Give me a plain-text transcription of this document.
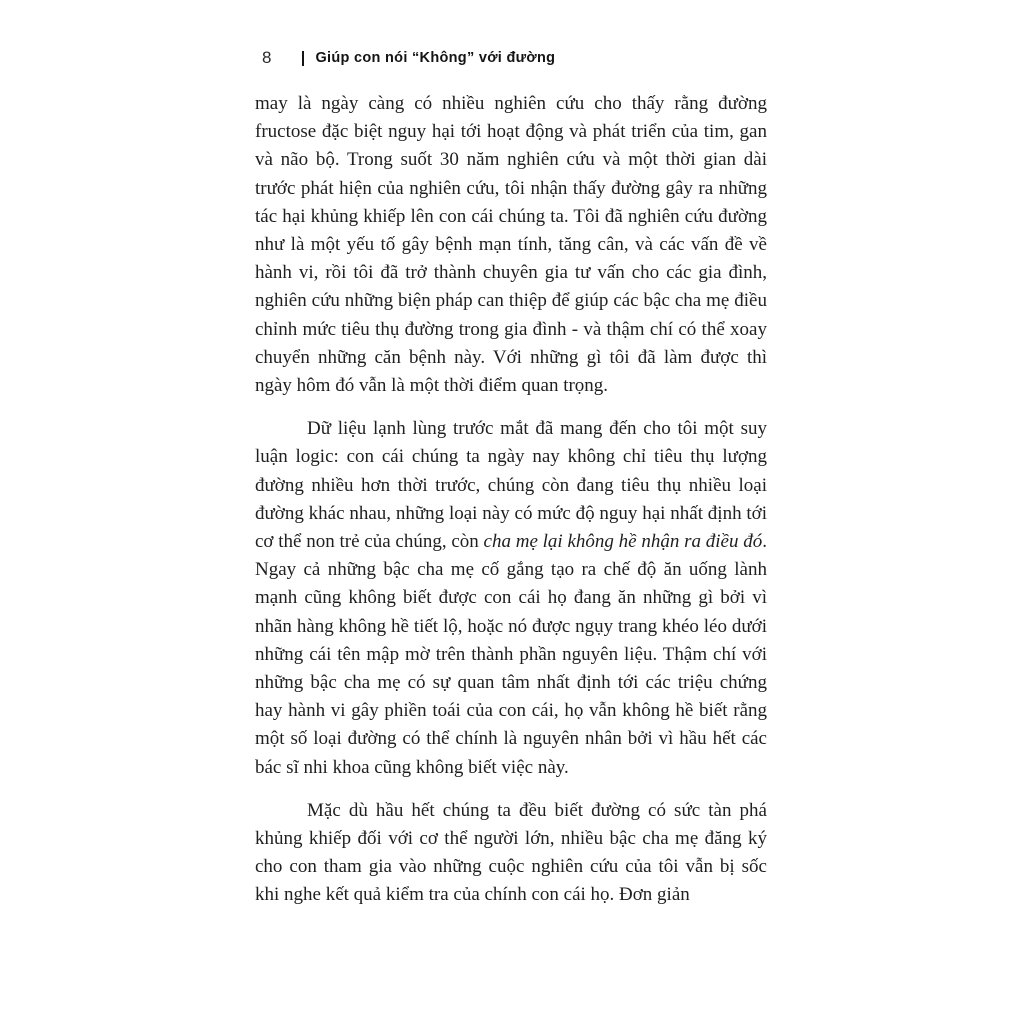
8	Giúp con nói “Không” với đường

may là ngày càng có nhiều nghiên cứu cho thấy rằng đường fructose đặc biệt nguy hại tới hoạt động và phát triển của tim, gan và não bộ. Trong suốt 30 năm nghiên cứu và một thời gian dài trước phát hiện của nghiên cứu, tôi nhận thấy đường gây ra những tác hại khủng khiếp lên con cái chúng ta. Tôi đã nghiên cứu đường như là một yếu tố gây bệnh mạn tính, tăng cân, và các vấn đề về hành vi, rồi tôi đã trở thành chuyên gia tư vấn cho các gia đình, nghiên cứu những biện pháp can thiệp để giúp các bậc cha mẹ điều chỉnh mức tiêu thụ đường trong gia đình - và thậm chí có thể xoay chuyển những căn bệnh này. Với những gì tôi đã làm được thì ngày hôm đó vẫn là một thời điểm quan trọng.

Dữ liệu lạnh lùng trước mắt đã mang đến cho tôi một suy luận logic: con cái chúng ta ngày nay không chỉ tiêu thụ lượng đường nhiều hơn thời trước, chúng còn đang tiêu thụ nhiều loại đường khác nhau, những loại này có mức độ nguy hại nhất định tới cơ thể non trẻ của chúng, còn cha mẹ lại không hề nhận ra điều đó. Ngay cả những bậc cha mẹ cố gắng tạo ra chế độ ăn uống lành mạnh cũng không biết được con cái họ đang ăn những gì bởi vì nhãn hàng không hề tiết lộ, hoặc nó được ngụy trang khéo léo dưới những cái tên mập mờ trên thành phần nguyên liệu. Thậm chí với những bậc cha mẹ có sự quan tâm nhất định tới các triệu chứng hay hành vi gây phiền toái của con cái, họ vẫn không hề biết rằng một số loại đường có thể chính là nguyên nhân bởi vì hầu hết các bác sĩ nhi khoa cũng không biết việc này.

Mặc dù hầu hết chúng ta đều biết đường có sức tàn phá khủng khiếp đối với cơ thể người lớn, nhiều bậc cha mẹ đăng ký cho con tham gia vào những cuộc nghiên cứu của tôi vẫn bị sốc khi nghe kết quả kiểm tra của chính con cái họ. Đơn giản
